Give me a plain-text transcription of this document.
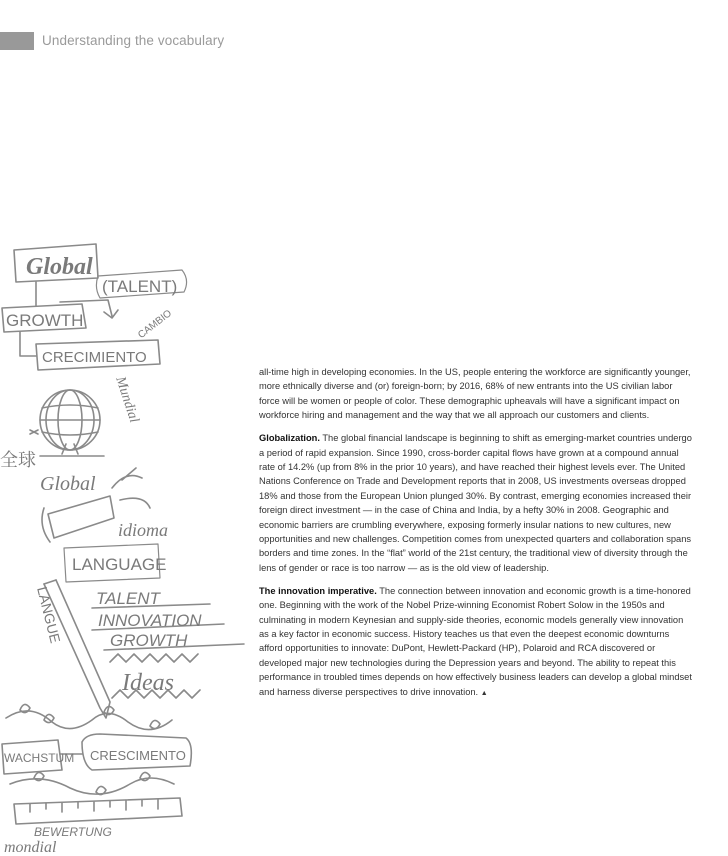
Understanding the vocabulary
Global
(TALENT)
CAMBIO
GROWTH
CRECIMIENTO
Mundial
全球
Global
idioma
LANGUAGE
LANGUE TALENT
INNOVATION
GROWTH
Ideas
WACHSTUM CRESCIMENTO
BEWERTUNG
mondial

all-time high in developing economies. In the US, people entering the workforce are significantly younger, more ethnically diverse and (or) foreign-born; by 2016, 68% of new entrants into the US civilian labor force will be women or people of color. These demographic upheavals will have a significant impact on workforce hiring and management and the way that we all approach our customers and clients.

Globalization. The global financial landscape is beginning to shift as emerging-market countries undergo a period of rapid expansion. Since 1990, cross-border capital flows have grown at a compound annual rate of 14.2% (up from 8% in the prior 10 years), and have reached their highest levels ever. The United Nations Conference on Trade and Development reports that in 2008, US investments overseas dropped 18% and those from the European Union plunged 30%. By contrast, emerging economies increased their foreign direct investment — in the case of China and India, by a hefty 30% in 2008. Geographic and economic barriers are crumbling everywhere, exposing formerly insular nations to new cultures, new opportunities and new challenges. Competition comes from unexpected quarters and collaboration spans borders and time zones. In the “flat” world of the 21st century, the traditional view of diversity through the lens of gender or race is too narrow — as is the old view of leadership.

The innovation imperative. The connection between innovation and economic growth is a time-honored one. Beginning with the work of the Nobel Prize-winning Economist Robert Solow in the 1950s and culminating in modern Keynesian and supply-side theories, economic models generally view innovation as a key factor in economic success. History teaches us that even the deepest economic downturns afford opportunities to innovate: DuPont, Hewlett-Packard (HP), Polaroid and RCA discovered or developed major new technologies during the Depression years and beyond. The ability to repeat this performance in troubled times depends on how effectively business leaders can develop a global mindset and harness diverse perspectives to drive innovation. ▲
